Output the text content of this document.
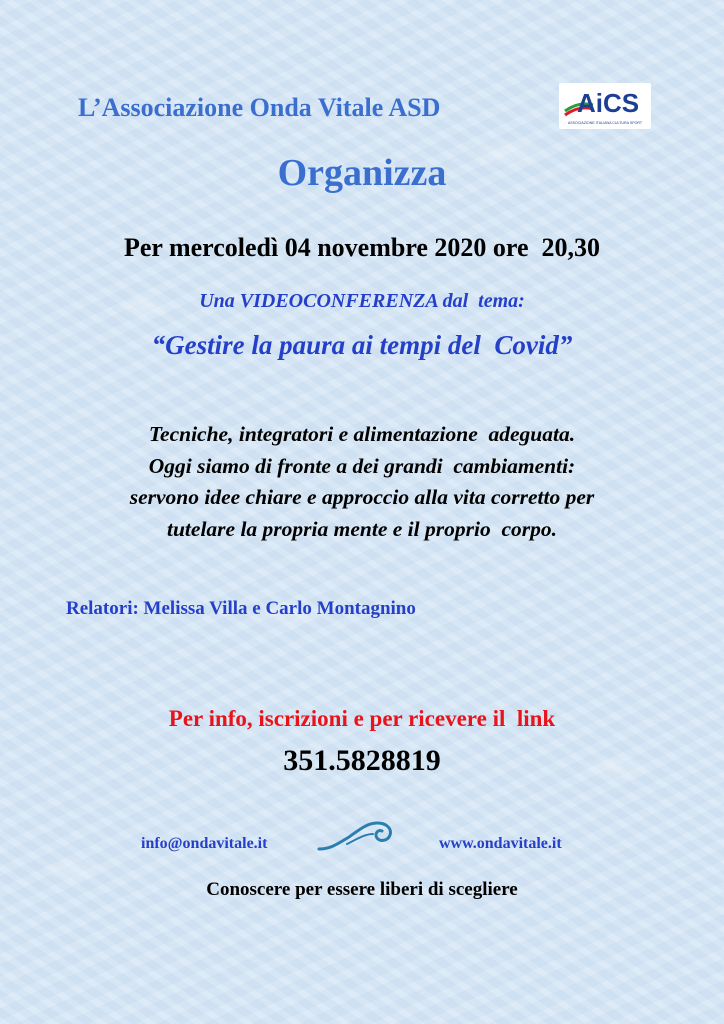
L’Associazione Onda Vitale ASD	AiCS
ASSOCIAZIONE ITALIANA CULTURA SPORT
Organizza
Per mercoledì 04 novembre 2020 ore  20,30
Una VIDEOCONFERENZA dal  tema:
“Gestire la paura ai tempi del  Covid”
Tecniche, integratori e alimentazione  adeguata.
Oggi siamo di fronte a dei grandi  cambiamenti:
servono idee chiare e approccio alla vita corretto per
tutelare la propria mente e il proprio  corpo.
Relatori: Melissa Villa e Carlo Montagnino
Per info, iscrizioni e per ricevere il  link
351.5828819
info@ondavitale.it	www.ondavitale.it
Conoscere per essere liberi di scegliere
